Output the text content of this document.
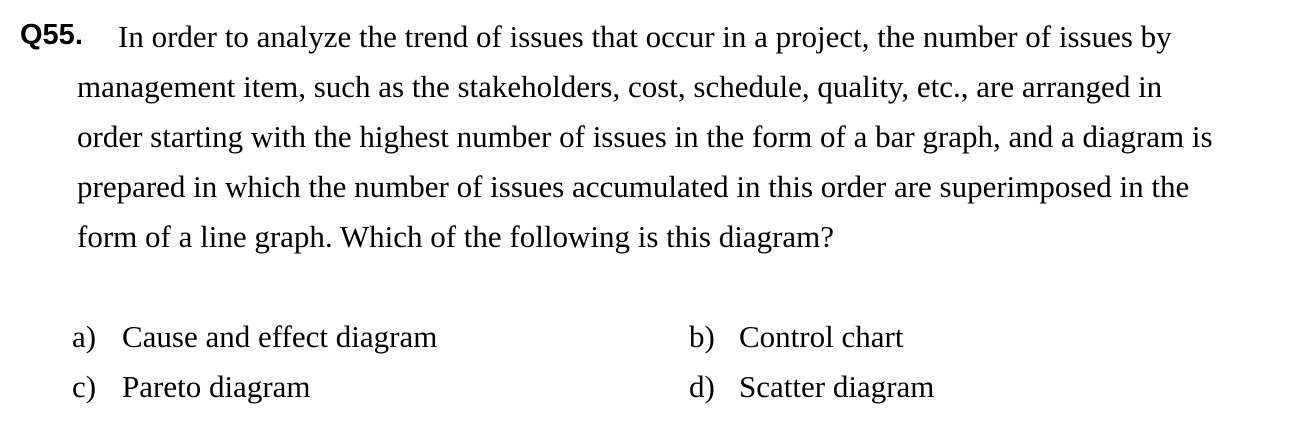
Q55.	In order to analyze the trend of issues that occur in a project, the number of issues by
management item, such as the stakeholders, cost, schedule, quality, etc., are arranged in
order starting with the highest number of issues in the form of a bar graph, and a diagram is
prepared in which the number of issues accumulated in this order are superimposed in the
form of a line graph. Which of the following is this diagram?
a) Cause and effect diagram	b) Control chart
c) Pareto diagram	d) Scatter diagram
